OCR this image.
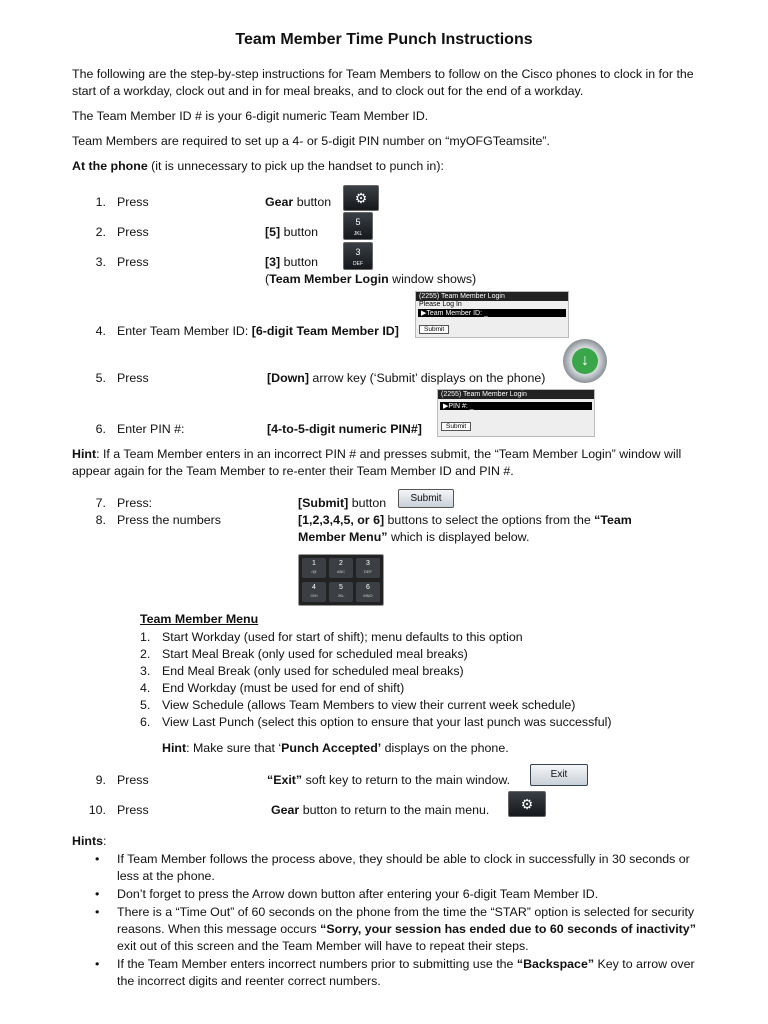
Team Member Time Punch Instructions
The following are the step-by-step instructions for Team Members to follow on the Cisco phones to clock in for the start of a workday, clock out and in for meal breaks, and to clock out for the end of a workday.
The Team Member ID # is your 6-digit numeric Team Member ID.
Team Members are required to set up a 4- or 5-digit PIN number on “myOFGTeamsite”.
At the phone (it is unnecessary to pick up the handset to punch in):
1. Press	Gear button	⚙
2. Press	[5] button
5
JKL
3. Press	[3] button
(Team Member Login window shows)
3
DEF
(2255) Team Member Login
Please Log In
▶Team Member ID: _
Submit
4. Enter Team Member ID: [6-digit Team Member ID]
5. Press	[Down] arrow key (‘Submit’ displays on the phone)
↓
(2255) Team Member Login
▶PIN #: _
Submit
6. Enter PIN #:	[4-to-5-digit numeric PIN#]
Hint: If a Team Member enters in an incorrect PIN # and presses submit, the “Team Member Login” window will appear again for the Team Member to re-enter their Team Member ID and PIN #.
7. Press:	[Submit] button	Submit
8. Press the numbers	[1,2,3,4,5, or 6] buttons to select the options from the “Team
Member Menu” which is displayed below.
1
/@
2
ABC
3
DEF
4
GHI
5
JKL
6
MNO
Team Member Menu
1. Start Workday (used for start of shift); menu defaults to this option
2. Start Meal Break (only used for scheduled meal breaks)
3. End Meal Break (only used for scheduled meal breaks)
4. End Workday (must be used for end of shift)
5. View Schedule (allows Team Members to view their current week schedule)
6. View Last Punch (select this option to ensure that your last punch was successful)
Hint: Make sure that ‘Punch Accepted’ displays on the phone.
9. Press	“Exit” soft key to return to the main window.	Exit
10. Press	Gear button to return to the main menu.	⚙
Hints:
• If Team Member follows the process above, they should be able to clock in successfully in 30 seconds or less at the phone.
• Don’t forget to press the Arrow down button after entering your 6-digit Team Member ID.
• There is a “Time Out” of 60 seconds on the phone from the time the “STAR” option is selected for security reasons. When this message occurs “Sorry, your session has ended due to 60 seconds of inactivity” exit out of this screen and the Team Member will have to repeat their steps.
• If the Team Member enters incorrect numbers prior to submitting use the “Backspace” Key to arrow over the incorrect digits and reenter correct numbers.
